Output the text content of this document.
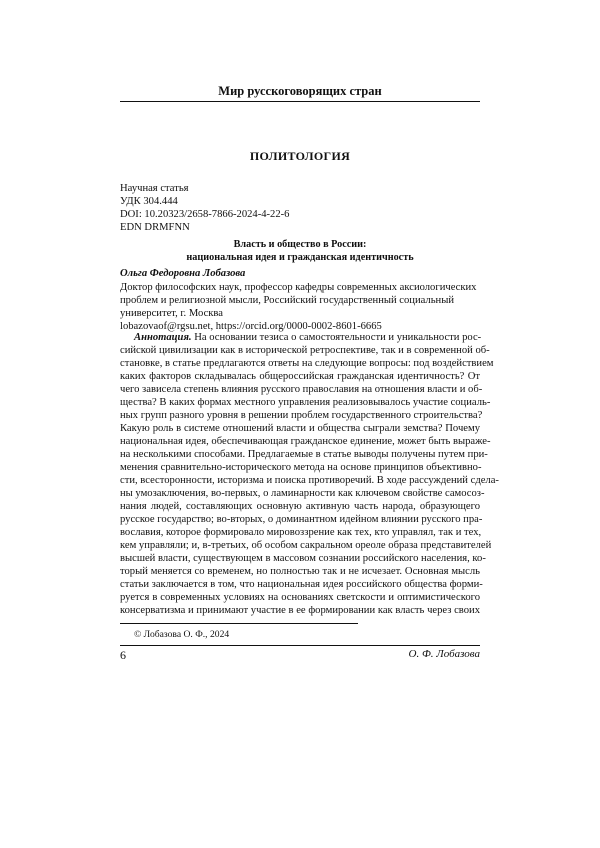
Мир русскоговорящих стран
ПОЛИТОЛОГИЯ
Научная статья
УДК 304.444
DOI: 10.20323/2658-7866-2024-4-22-6
EDN DRMFNN
Власть и общество в России:
национальная идея и гражданская идентичность
Ольга Федоровна Лобазова
Доктор философских наук, профессор кафедры современных аксиологических
проблем и религиозной мысли, Российский государственный социальный
университет, г. Москва
lobazovaof@rgsu.net, https://orcid.org/0000-0002-8601-6665
Аннотация. На основании тезиса о самостоятельности и уникальности рос-
сийской цивилизации как в исторической ретроспективе, так и в современной об-
становке, в статье предлагаются ответы на следующие вопросы: под воздействием
каких факторов складывалась общероссийская гражданская идентичность? От
чего зависела степень влияния русского православия на отношения власти и об-
щества? В каких формах местного управления реализовывалось участие социаль-
ных групп разного уровня в решении проблем государственного строительства?
Какую роль в системе отношений власти и общества сыграли земства? Почему
национальная идея, обеспечивающая гражданское единение, может быть выраже-
на несколькими способами. Предлагаемые в статье выводы получены путем при-
менения сравнительно-исторического метода на основе принципов объективно-
сти, всесторонности, историзма и поиска противоречий. В ходе рассуждений сдела-
ны умозаключения, во-первых, о ламинарности как ключевом свойстве самосоз-
нания людей, составляющих основную активную часть народа, образующего
русское государство; во-вторых, о доминантном идейном влиянии русского пра-
вославия, которое формировало мировоззрение как тех, кто управлял, так и тех,
кем управляли; и, в-третьих, об особом сакральном ореоле образа представителей
высшей власти, существующем в массовом сознании российского населения, ко-
торый меняется со временем, но полностью так и не исчезает. Основная мысль
статьи заключается в том, что национальная идея российского общества форми-
руется в современных условиях на основаниях светскости и оптимистического
консерватизма и принимают участие в ее формировании как власть через своих
© Лобазова О. Ф., 2024
6	О. Ф. Лобазова
